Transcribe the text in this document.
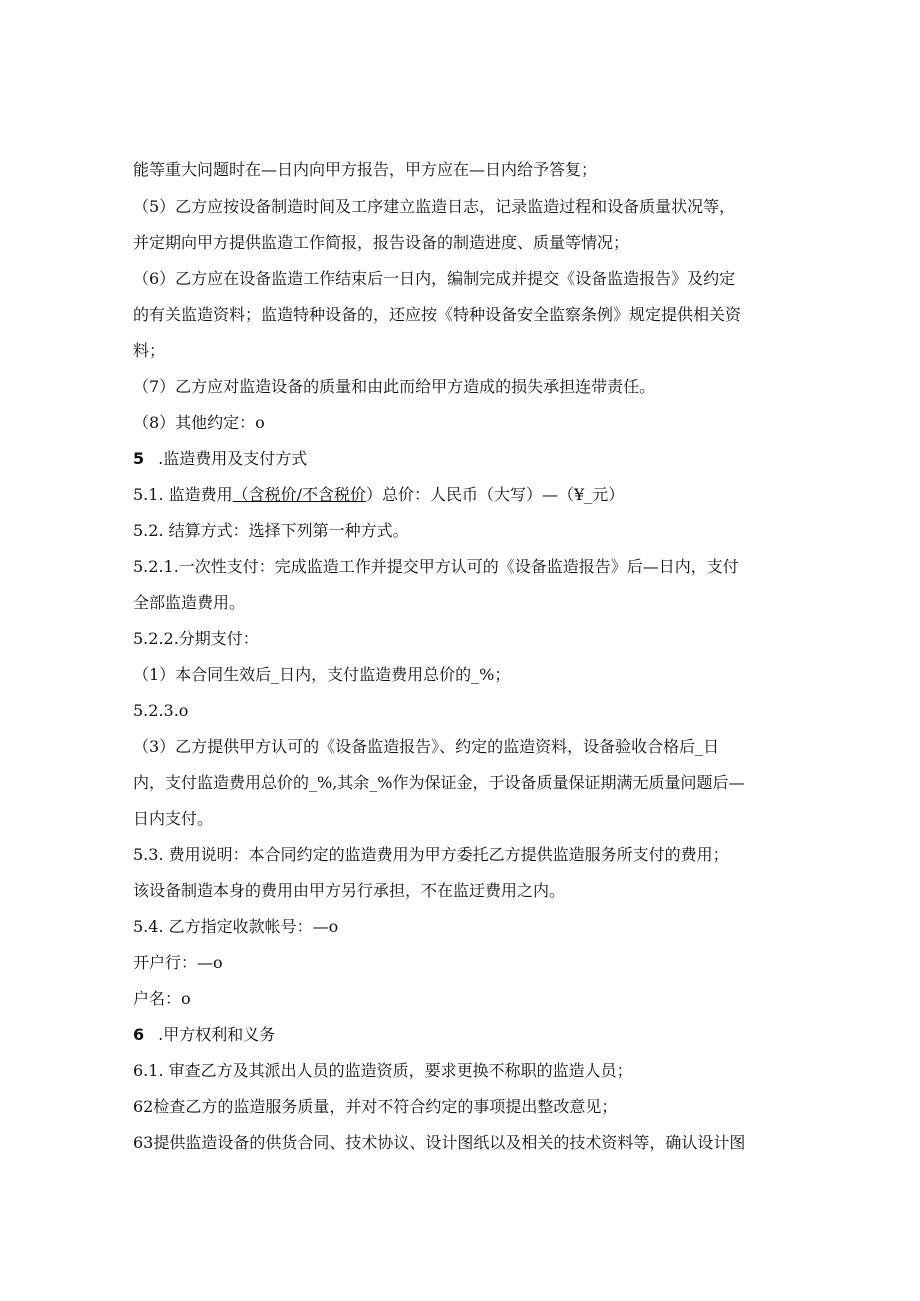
能等重大问题时在—日内向甲方报告，甲方应在—日内给予答复；
（5）乙方应按设备制造时间及工序建立监造日志，记录监造过程和设备质量状况等，
并定期向甲方提供监造工作简报，报告设备的制造进度、质量等情况；
（6）乙方应在设备监造工作结束后一日内，编制完成并提交《设备监造报告》及约定
的有关监造资料；监造特种设备的，还应按《特种设备安全监察条例》规定提供相关资
料；
（7）乙方应对监造设备的质量和由此而给甲方造成的损失承担连带责任。
（8）其他约定：o
5 .监造费用及支付方式
5.1. 监造费用（含税价/不含税价）总价：人民币（大写）—（¥_元）
5.2. 结算方式：选择下列第一种方式。
5.2.1.一次性支付：完成监造工作并提交甲方认可的《设备监造报告》后—日内，支付
全部监造费用。
5.2.2.分期支付：
（1）本合同生效后_日内，支付监造费用总价的_%；
5.2.3.o
（3）乙方提供甲方认可的《设备监造报告》、约定的监造资料，设备验收合格后_日
内，支付监造费用总价的_%,其余_%作为保证金，于设备质量保证期满无质量问题后—
日内支付。
5.3. 费用说明：本合同约定的监造费用为甲方委托乙方提供监造服务所支付的费用；
该设备制造本身的费用由甲方另行承担，不在监迂费用之内。
5.4. 乙方指定收款帐号：—o
开户行：—o
户名：o
6 .甲方权利和义务
6.1. 审查乙方及其派出人员的监造资质，要求更换不称职的监造人员；
62检查乙方的监造服务质量，并对不符合约定的事项提出整改意见；
63提供监造设备的供货合同、技术协议、设计图纸以及相关的技术资料等，确认设计图
